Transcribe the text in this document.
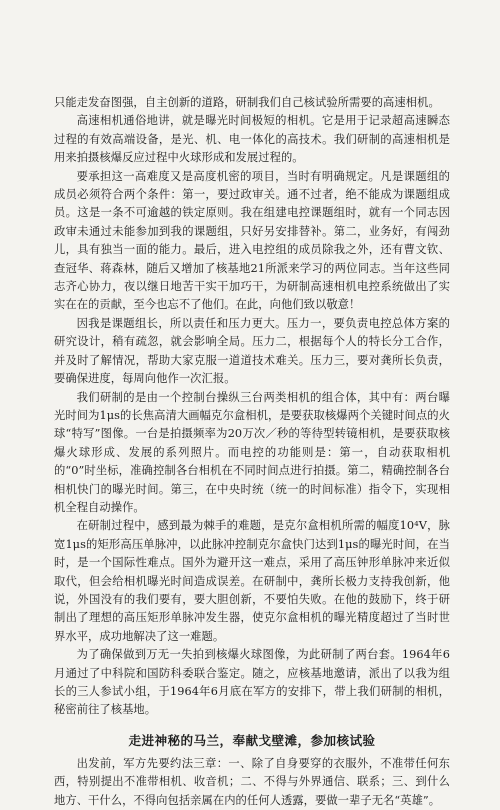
只能走发奋图强，自主创新的道路，研制我们自己核试验所需要的高速相机。

高速相机通俗地讲，就是曝光时间极短的相机。它是用于记录超高速瞬态过程的有效高端设备，是光、机、电一体化的高技术。我们研制的高速相机是用来拍摄核爆反应过程中火球形成和发展过程的。

要承担这一高难度又是高度机密的项目，当时有明确规定。凡是课题组的成员必须符合两个条件：第一，要过政审关。通不过者，绝不能成为课题组成员。这是一条不可逾越的铁定原则。我在组建电控课题组时，就有一个同志因政审未通过未能参加到我的课题组，只好另安排替补。第二，业务好，有闯劲儿，具有独当一面的能力。最后，进入电控组的成员除我之外，还有曹文钦、查冠华、蒋森林，随后又增加了核基地21所派来学习的两位同志。当年这些同志齐心协力，夜以继日地苦干实干加巧干，为研制高速相机电控系统做出了实实在在的贡献，至今也忘不了他们。在此，向他们致以敬意！

因我是课题组长，所以责任和压力更大。压力一，要负责电控总体方案的研究设计，稍有疏忽，就会影响全局。压力二，根据每个人的特长分工合作，并及时了解情况，帮助大家克服一道道技术难关。压力三，要对龚所长负责，要确保进度，每周向他作一次汇报。

我们研制的是由一个控制台操纵三台两类相机的组合体，其中有：两台曝光时间为1μs的长焦高清大画幅克尔盒相机，是要获取核爆两个关键时间点的火球“特写”图像。一台是拍摄频率为20万次／秒的等待型转镜相机，是要获取核爆火球形成、发展的系列照片。而电控的功能则是：第一，自动获取相机的“0”时坐标，准确控制各台相机在不同时间点进行拍摄。第二，精确控制各台相机快门的曝光时间。第三，在中央时统（统一的时间标准）指令下，实现相机全程自动操作。

在研制过程中，感到最为棘手的难题，是克尔盒相机所需的幅度10⁴V，脉宽1μs的矩形高压单脉冲，以此脉冲控制克尔盒快门达到1μs的曝光时间，在当时，是一个国际性难点。国外为避开这一难点，采用了高压钟形单脉冲来近似取代，但会给相机曝光时间造成误差。在研制中，龚所长极力支持我创新，他说，外国没有的我们要有，要大胆创新，不要怕失败。在他的鼓励下，终于研制出了理想的高压矩形单脉冲发生器，使克尔盒相机的曝光精度超过了当时世界水平，成功地解决了这一难题。

为了确保做到万无一失拍到核爆火球图像，为此研制了两台套。1964年6月通过了中科院和国防科委联合鉴定。随之，应核基地邀请，派出了以我为组长的三人参试小组，于1964年6月底在军方的安排下，带上我们研制的相机，秘密前往了核基地。

走进神秘的马兰，奉献戈壁滩，参加核试验

出发前，军方先要约法三章：一、除了自身要穿的衣服外，不准带任何东西，特别提出不准带相机、收音机；二、不得与外界通信、联系；三、到什么地方、干什么，不得向包括亲属在内的任何人透露，要做一辈子无名“英雄”。
